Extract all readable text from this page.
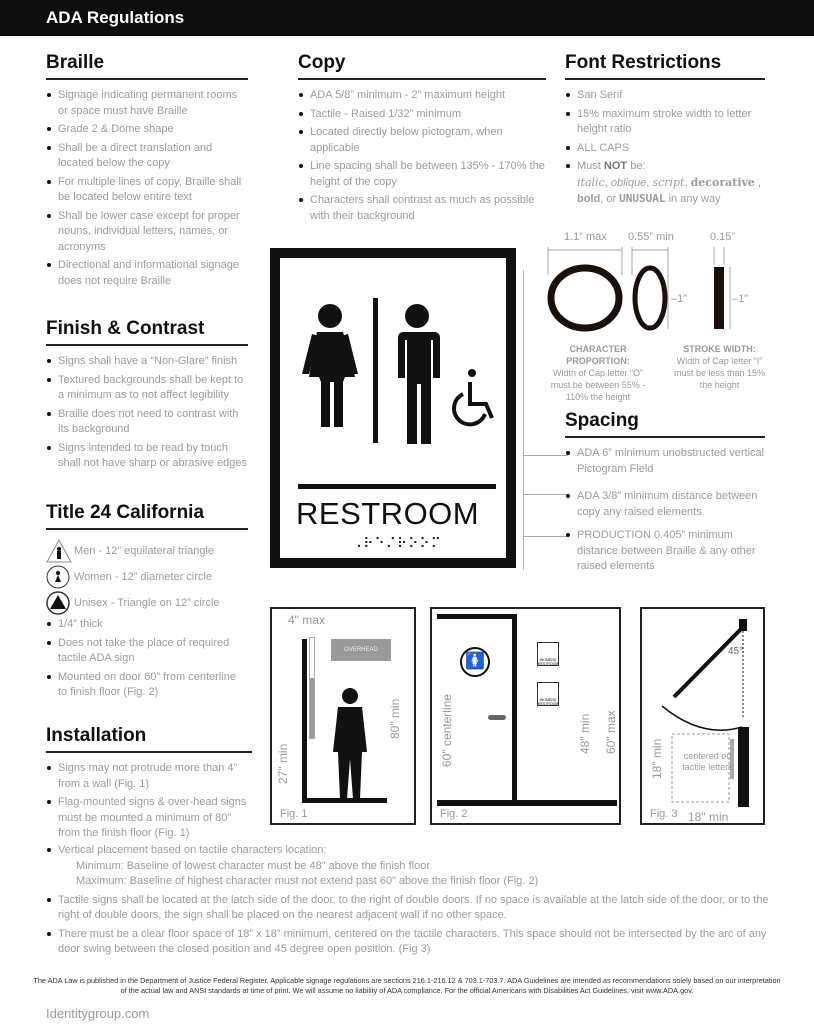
ADA Regulations
Braille
Signage indicating permanent rooms or space must have Braille
Grade 2 & Dome shape
Shall be a direct translation and located below the copy
For multiple lines of copy, Braille shall be located below entire text
Shall be lower case except for proper nouns, individual letters, names, or acronyms
Directional and informational signage does not require Braille
Finish & Contrast
Signs shall have a “Non-Glare” finish
Textured backgrounds shall be kept to a minimum as to not affect legibility
Braille does not need to contrast with its background
Signs intended to be read by touch shall not have sharp or abrasive edges
Title 24 California
Men - 12” equilateral triangle
Women - 12” diameter circle
Unisex - Triangle on 12” circle
1/4” thick
Does not take the place of required tactile ADA sign
Mounted on door 60” from centerline to finish floor (Fig. 2)
Installation
Signs may not protrude more than 4” from a wall (Fig. 1)
Flag-mounted signs & over-head signs must be mounted a minimum of 80” from the finish floor (Fig. 1)
Vertical placement based on tactile characters location:
Minimum: Baseline of lowest character must be 48” above the finish floor
Maximum: Baseline of highest character must not extend past 60” above the finish floor (Fig. 2)
Tactile signs shall be located at the latch side of the door, to the right of double doors. If no space is available at the latch side of the door, or to the right of double doors, the sign shall be placed on the nearest adjacent wall if no other space.
There must be a clear floor space of 18” x 18” minimum, centered on the tactile characters. This space should not be intersected by the arc of any door swing between the closed position and 45 degree open position. (Fig 3)
Copy
ADA 5/8” minimum - 2” maximum height
Tactile - Raised 1/32” minimum
Located directly below pictogram, when applicable
Line spacing shall be between 135% - 170% the height of the copy
Characters shall contrast as much as possible with their background
Font Restrictions
San Serif
15% maximum stroke width to letter height ratio
ALL CAPS
Must NOT be:
italic, oblique, script, decorative ,
bold, or UNUSUAL in any way
1.1” max 0.55” min	0.15”
–1"	–1"
CHARACTER PROPORTION:
Width of Cap letter “O” must be between 55% - 110% the height
STROKE WIDTH:
Width of Cap letter “I” must be less than 15% the height
RESTROOM
⠠⠗⠑⠌⠗⠕⠕⠍
Spacing
ADA 6” minimum unobstructed vertical Pictogram Field
ADA 3/8” minimum distance between copy any raised elements
PRODUCTION 0.405” minimum distance between Braille & any other raised elements
4" max
OVERHEAD
80" min
27" min
Fig. 1
🚺	WOMENS RESTROOM
WOMENS RESTROOM
60" centerline	48" min 60" max
Fig. 2
45°
centered on tactile letters
18" min
18" min
Fig. 3
The ADA Law is published in the Department of Justice Federal Register. Applicable signage regulations are sections 216.1-216.12 & 703.1-703.7. ADA Guidelines are intended as recommendations solely based on our interpretation of the actual law and ANSI standards at time of print. We will assume no liability of ADA compliance. For the official Americans with Disabilities Act Guidelines, visit www.ADA.gov.
Identitygroup.com
